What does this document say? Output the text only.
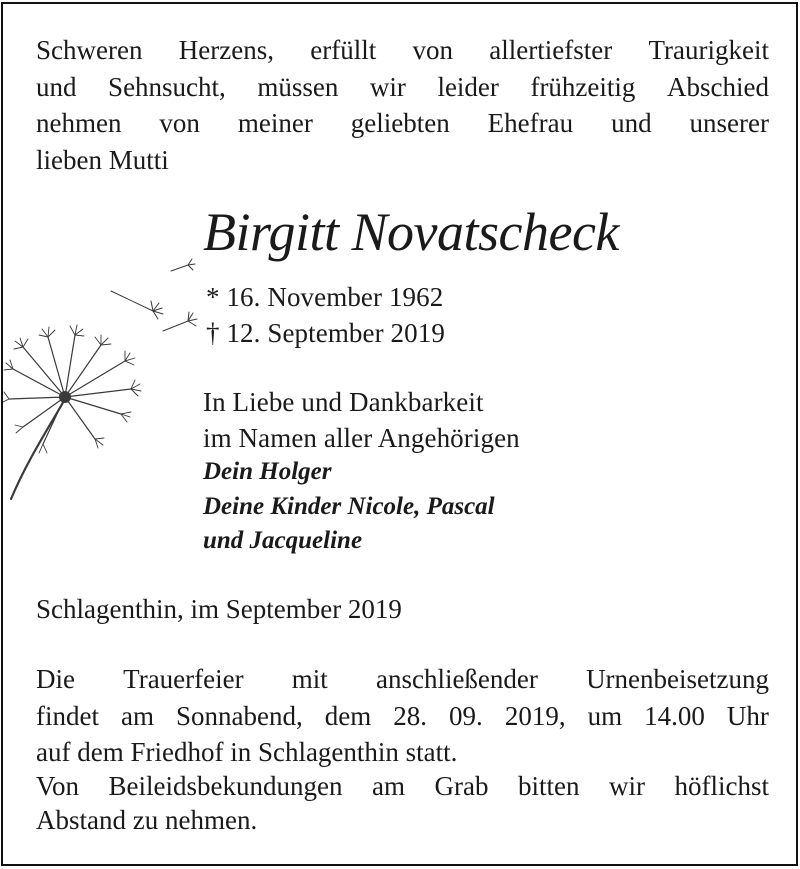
Schweren Herzens, erfüllt von allertiefster Traurigkeit
und Sehnsucht, müssen wir leider frühzeitig Abschied
nehmen von meiner geliebten Ehefrau und unserer
lieben Mutti
Birgitt Novatscheck
* 16. November 1962
† 12. September 2019
In Liebe und Dankbarkeit
im Namen aller Angehörigen
Dein Holger
Deine Kinder Nicole, Pascal
und Jacqueline
Schlagenthin, im September 2019
Die Trauerfeier mit anschließender Urnenbeisetzung
findet am Sonnabend, dem 28. 09. 2019, um 14.00 Uhr
auf dem Friedhof in Schlagenthin statt.
Von Beileidsbekundungen am Grab bitten wir höflichst
Abstand zu nehmen.
